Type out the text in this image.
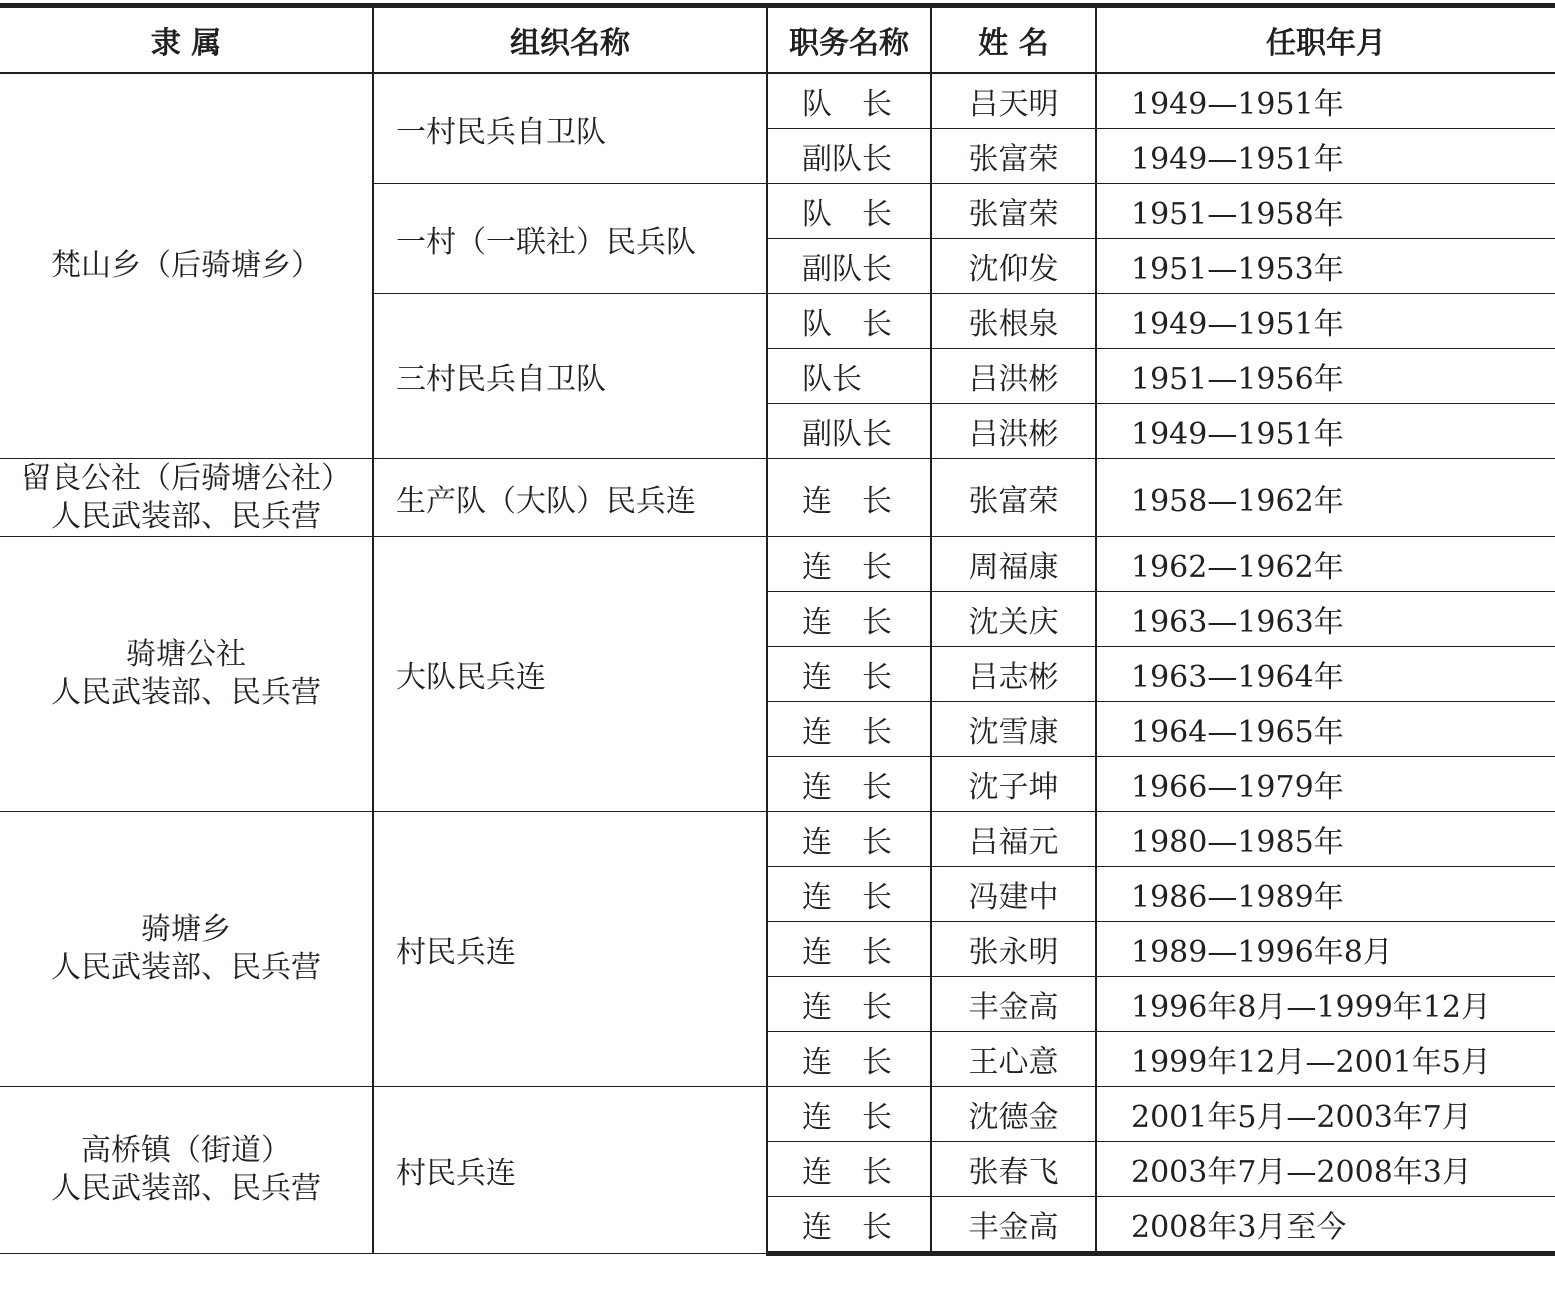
隶 属	组织名称	职务名称	姓 名	任职年月

梵山乡（后骑塘乡）	一村民兵自卫队	队　长	吕天明	1949—1951年
		副队长	张富荣	1949—1951年
	一村（一联社）民兵队	队　长	张富荣	1951—1958年
		副队长	沈仰发	1951—1953年
	三村民兵自卫队	队　长	张根泉	1949—1951年
		队长	吕洪彬	1951—1956年
		副队长	吕洪彬	1949—1951年

留良公社（后骑塘公社）
人民武装部、民兵营	生产队（大队）民兵连	连　长	张富荣	1958—1962年

骑塘公社
人民武装部、民兵营	大队民兵连	连　长	周福康	1962—1962年
		连　长	沈关庆	1963—1963年
		连　长	吕志彬	1963—1964年
		连　长	沈雪康	1964—1965年
		连　长	沈子坤	1966—1979年

骑塘乡
人民武装部、民兵营	村民兵连	连　长	吕福元	1980—1985年
		连　长	冯建中	1986—1989年
		连　长	张永明	1989—1996年8月
		连　长	丰金高	1996年8月—1999年12月
		连　长	王心意	1999年12月—2001年5月

高桥镇（街道）
人民武装部、民兵营	村民兵连	连　长	沈德金	2001年5月—2003年7月
		连　长	张春飞	2003年7月—2008年3月
		连　长	丰金高	2008年3月至今
